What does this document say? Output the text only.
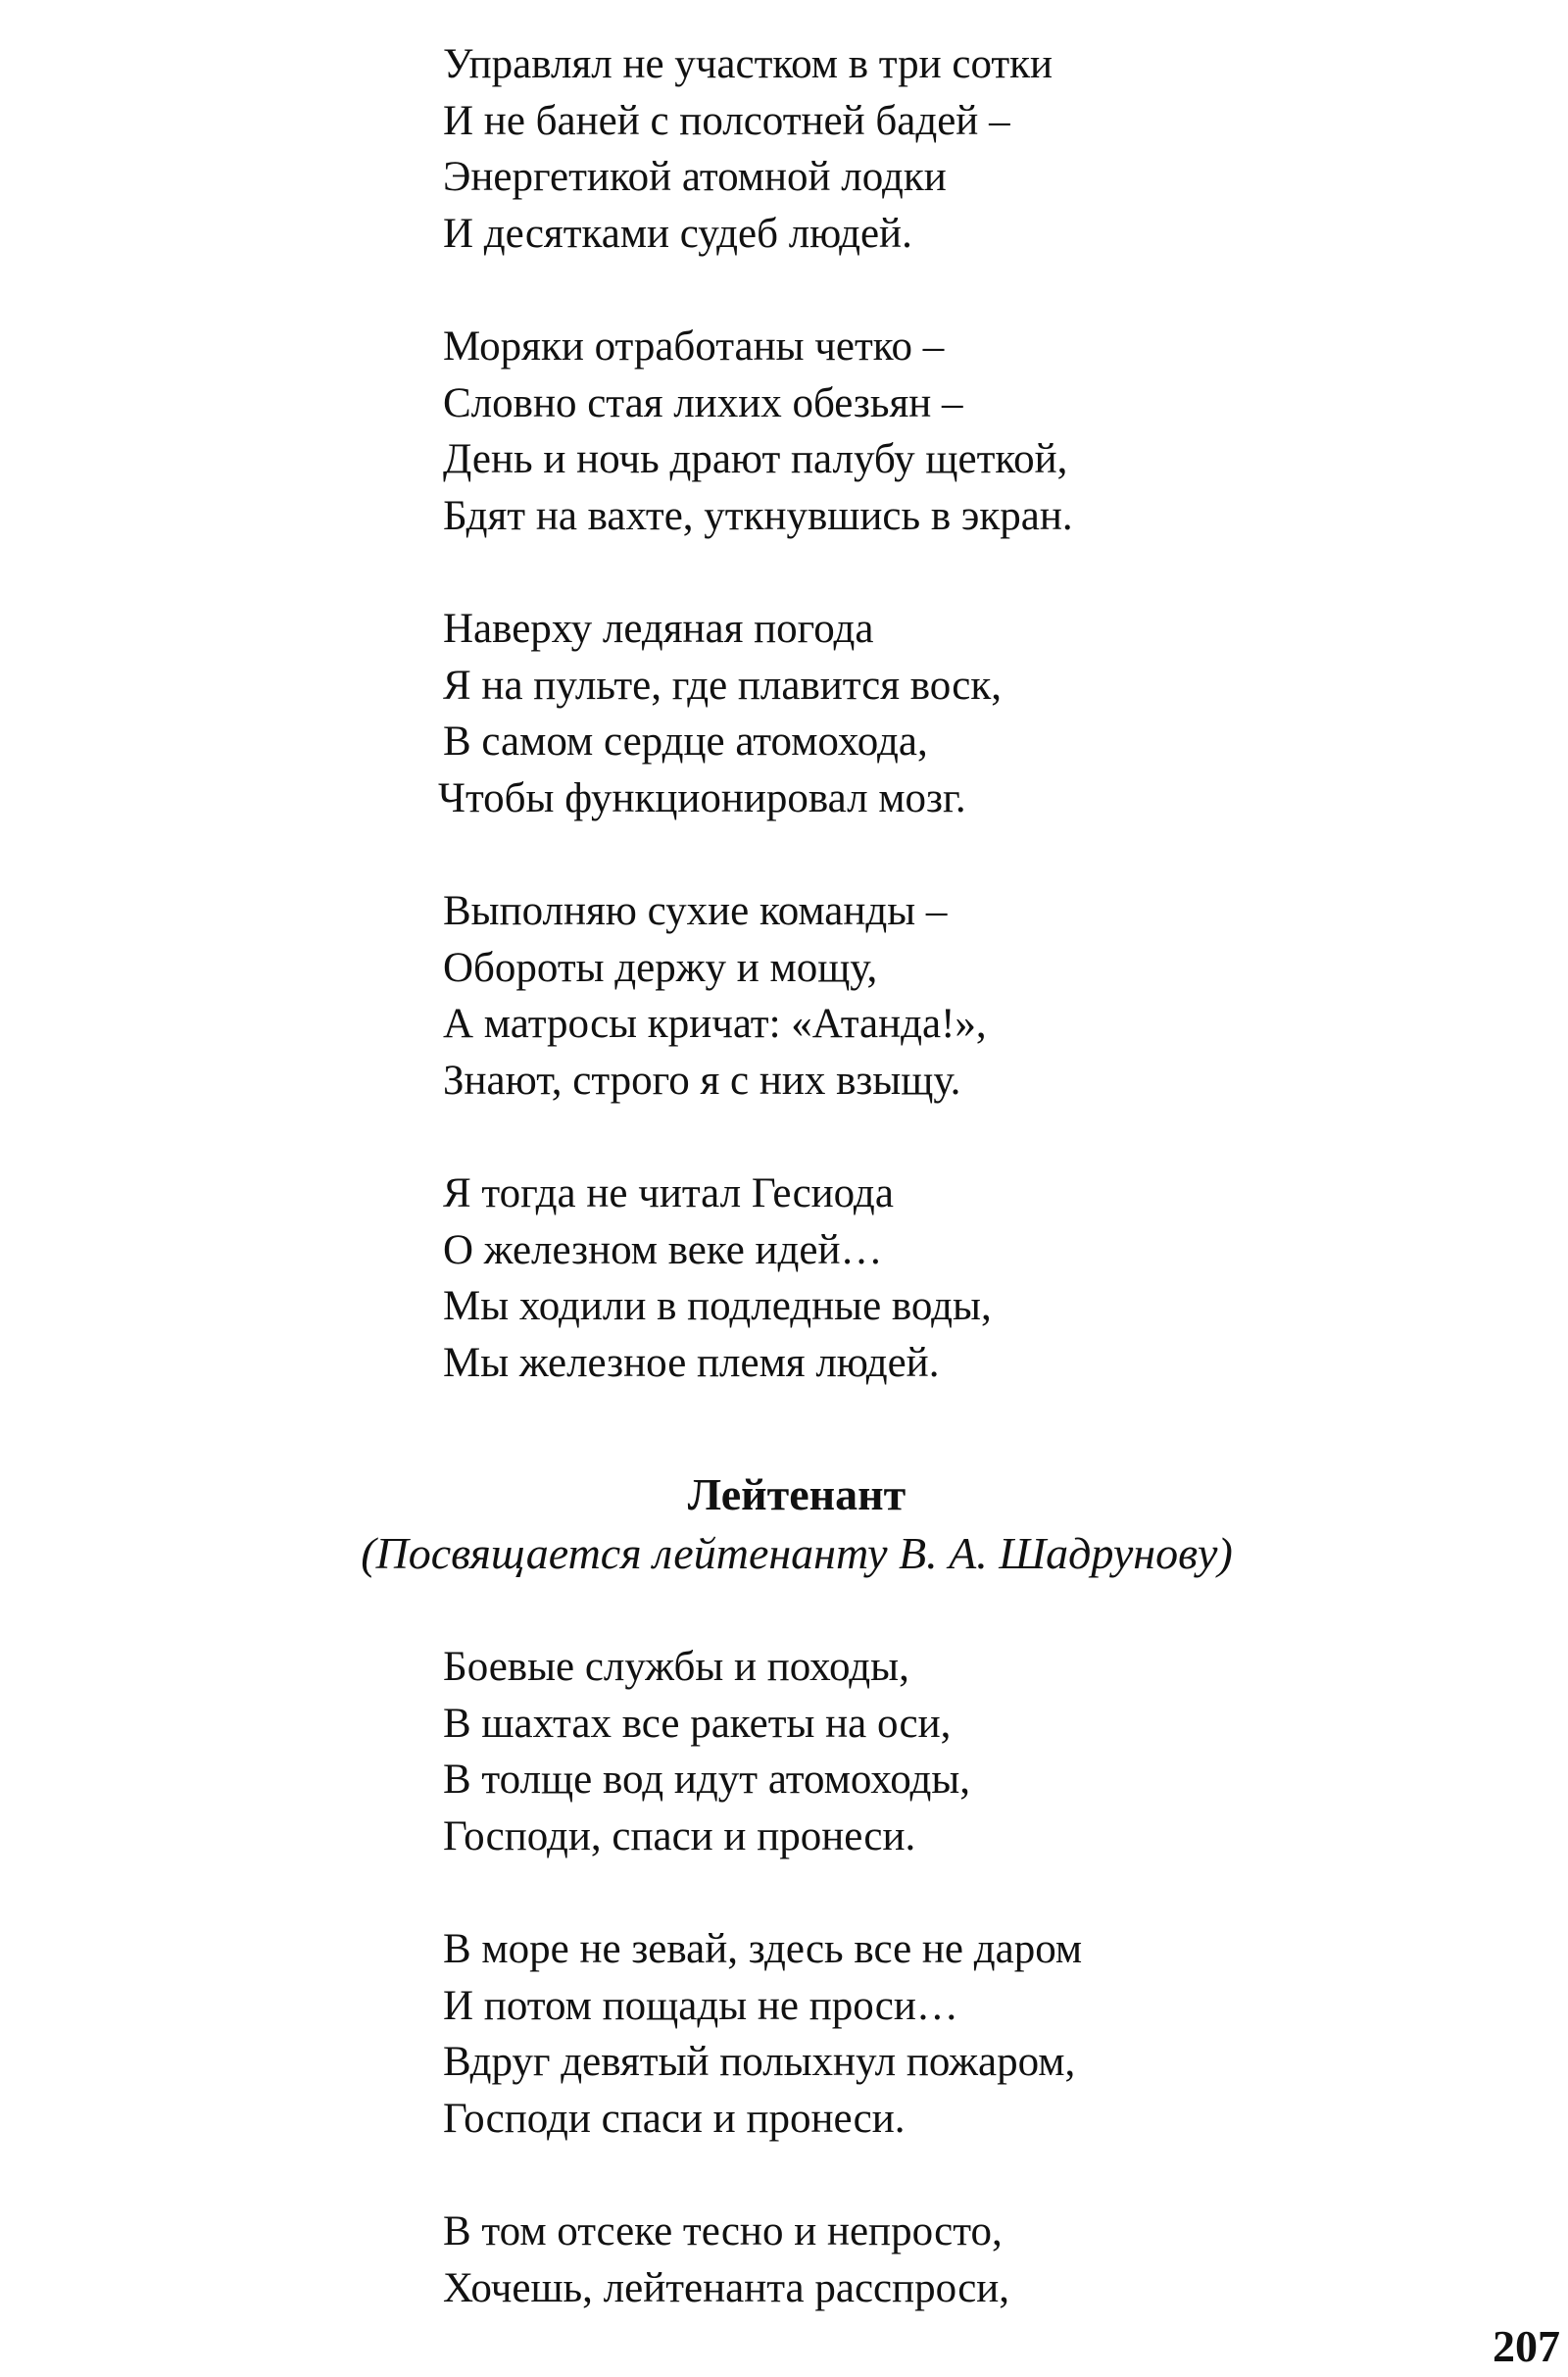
Управлял не участком в три сотки
И не баней с полсотней бадей –
Энергетикой атомной лодки
И десятками судеб людей.
Моряки отработаны четко –
Словно стая лихих обезьян –
День и ночь драют палубу щеткой,
Бдят на вахте, уткнувшись в экран.
Наверху ледяная погода
Я на пульте, где плавится воск,
В самом сердце атомохода,
Чтобы функционировал мозг.
Выполняю сухие команды –
Обороты держу и мощу,
А матросы кричат: «Атанда!»,
Знают, строго я с них взыщу.
Я тогда не читал Гесиода
О железном веке идей…
Мы ходили в подледные воды,
Мы железное племя людей.
Лейтенант
(Посвящается лейтенанту В. А. Шадрунову)
Боевые службы и походы,
В шахтах все ракеты на оси,
В толще вод идут атомоходы,
Господи, спаси и пронеси.
В море не зевай, здесь все не даром
И потом пощады не проси…
Вдруг девятый полыхнул пожаром,
Господи спаси и пронеси.
В том отсеке тесно и непросто,
Хочешь, лейтенанта расспроси,
207
